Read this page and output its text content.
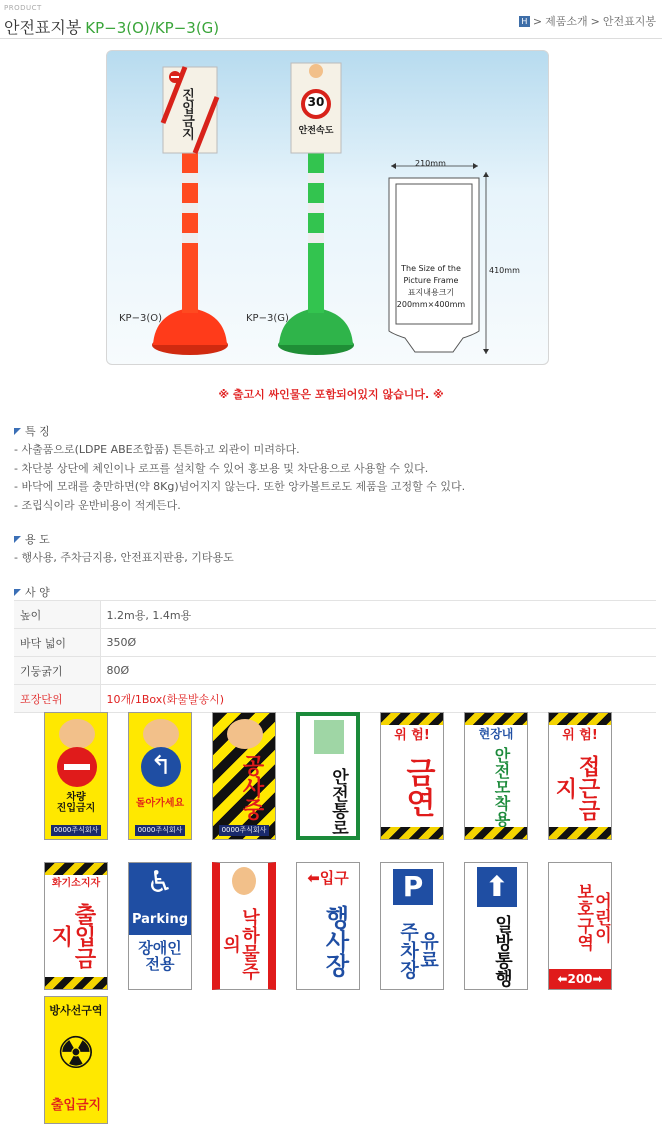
PRODUCT
안전표지봉 KP−3(O)/KP−3(G)	H > 제품소개 > 안전표지봉
진입금지	30
안전속도
KP−3(O)	KP−3(G)
210mm
410mm
The Size of the
Picture Frame
표지내용크기
200mm×400mm
※ 출고시 싸인물은 포함되어있지 않습니다. ※
특 징
- 사출품으로(LDPE ABE조합품) 튼튼하고 외관이 미려하다.
- 차단봉 상단에 체인이나 로프를 설치할 수 있어 홍보용 및 차단용으로 사용할 수 있다.
- 바닥에 모래를 충만하면(약 8Kg)넘어지지 않는다. 또한 앙카볼트로도 제품을 고정할 수 있다.
- 조립식이라 운반비용이 적게든다.
용 도
- 행사용, 주차금지용, 안전표지판용, 기타용도
사 양
높이	1.2m용, 1.4m용
바닥 넓이	350Ø
기둥굵기	80Ø
포장단위	10개/1Box(화물발송시)
차량
진입금지
0000주식회사
↰
돌아가세요
0000주식회사
공사중
0000주식회사	안전통로
위 험!
금연
현장내
안전모착용
위 험!
접근금지
화기소지자
출입금지
♿
Parking
장애인
전용	낙하물주의
⬅입구
행사장
P
유료
주차장
⬆
일방통행	어린이
보호구역
⬅200➡
방사선구역
☢
출입금지
